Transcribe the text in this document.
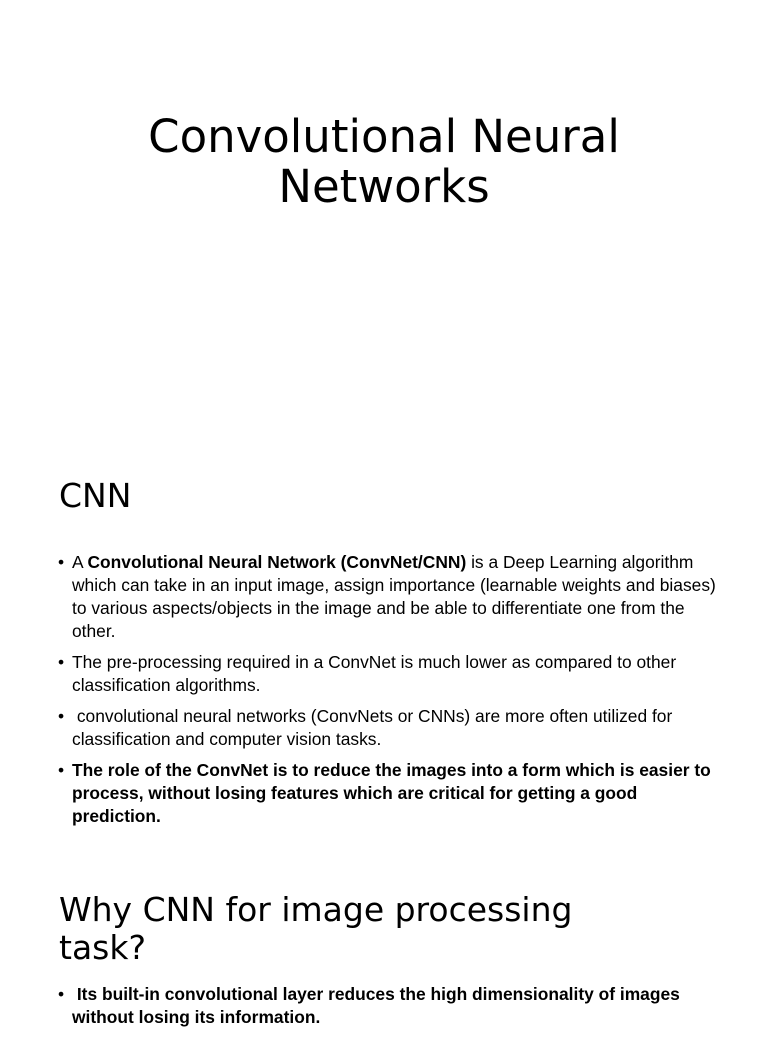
Convolutional Neural
Networks
CNN
• A Convolutional Neural Network (ConvNet/CNN) is a Deep Learning algorithm which can take in an input image, assign importance (learnable weights and biases) to various aspects/objects in the image and be able to differentiate one from the other.
• The pre-processing required in a ConvNet is much lower as compared to other classification algorithms.
• convolutional neural networks (ConvNets or CNNs) are more often utilized for classification and computer vision tasks.
• The role of the ConvNet is to reduce the images into a form which is easier to process, without losing features which are critical for getting a good prediction.
Why CNN for image processing
task?
• Its built-in convolutional layer reduces the high dimensionality of images without losing its information.
